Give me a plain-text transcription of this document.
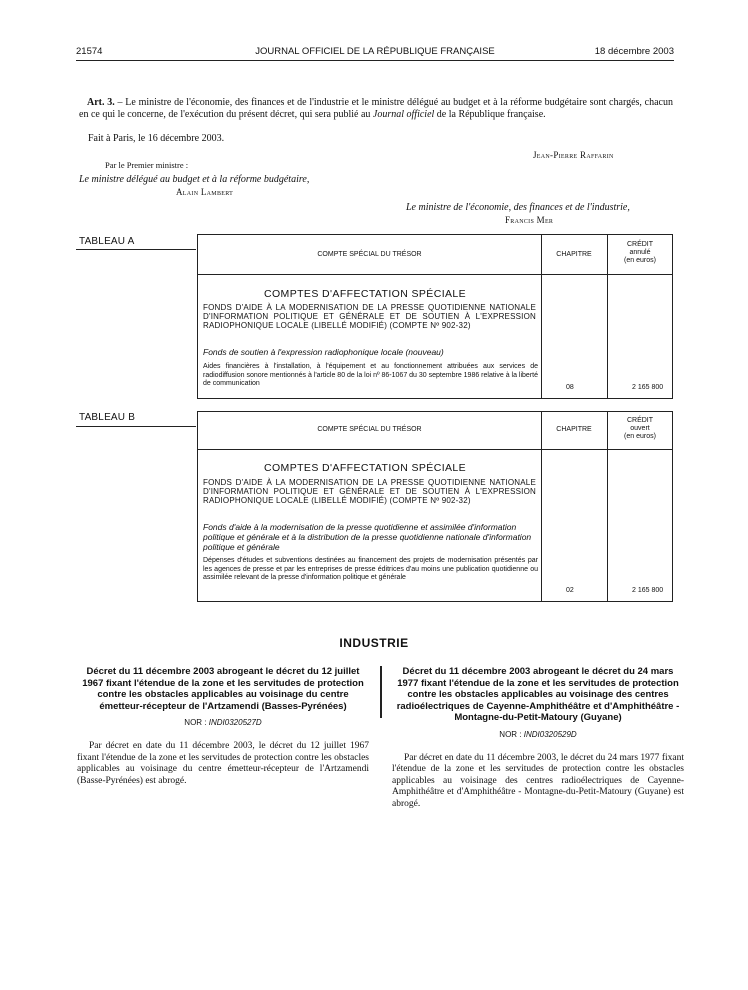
21574	JOURNAL OFFICIEL DE LA RÉPUBLIQUE FRANÇAISE	18 décembre 2003
Art. 3. – Le ministre de l'économie, des finances et de l'industrie et le ministre délégué au budget et à la réforme budgétaire sont chargés, chacun en ce qui le concerne, de l'exécution du présent décret, qui sera publié au Journal officiel de la République française.
Fait à Paris, le 16 décembre 2003.
Jean-Pierre Raffarin
Par le Premier ministre :
Le ministre délégué au budget et à la réforme budgétaire,
Alain Lambert
Le ministre de l'économie, des finances et de l'industrie,
Francis Mer
TABLEAU A
COMPTE SPÉCIAL DU TRÉSOR	CHAPITRE
CRÉDIT
annulé
(en euros)
COMPTES D'AFFECTATION SPÉCIALE
FONDS D'AIDE À LA MODERNISATION DE LA PRESSE QUOTIDIENNE NATIONALE D'INFORMATION POLITIQUE ET GÉNÉRALE ET DE SOUTIEN À L'EXPRESSION RADIOPHONIQUE LOCALE (LIBELLÉ MODIFIÉ) (COMPTE Nº 902-32)
Fonds de soutien à l'expression radiophonique locale (nouveau)
Aides financières à l'installation, à l'équipement et au fonctionnement attribuées aux services de radiodiffusion sonore mentionnés à l'article 80 de la loi nº 86-1067 du 30 septembre 1986 relative à la liberté de communication
08	2 165 800
TABLEAU B
COMPTE SPÉCIAL DU TRÉSOR	CHAPITRE
CRÉDIT
ouvert
(en euros)
COMPTES D'AFFECTATION SPÉCIALE
FONDS D'AIDE À LA MODERNISATION DE LA PRESSE QUOTIDIENNE NATIONALE D'INFORMATION POLITIQUE ET GÉNÉRALE ET DE SOUTIEN À L'EXPRESSION RADIOPHONIQUE LOCALE (LIBELLÉ MODIFIÉ) (COMPTE Nº 902-32)
Fonds d'aide à la modernisation de la presse quotidienne et assimilée d'information politique et générale et à la distribution de la presse quotidienne nationale d'information politique et générale
Dépenses d'études et subventions destinées au financement des projets de modernisation présentés par les agences de presse et par les entreprises de presse éditrices d'au moins une publication quotidienne ou assimilée relevant de la presse d'information politique et générale
02	2 165 800
INDUSTRIE
Décret du 11 décembre 2003 abrogeant le décret du 12 juillet 1967 fixant l'étendue de la zone et les servitudes de protection contre les obstacles applicables au voisinage du centre émetteur-récepteur de l'Artzamendi (Basses-Pyrénées)
NOR : INDI0320527D
Par décret en date du 11 décembre 2003, le décret du 12 juillet 1967 fixant l'étendue de la zone et les servitudes de protection contre les obstacles applicables au voisinage du centre émetteur-récepteur de l'Artzamendi (Basse-Pyrénées) est abrogé.
Décret du 11 décembre 2003 abrogeant le décret du 24 mars 1977 fixant l'étendue de la zone et les servitudes de protection contre les obstacles applicables au voisinage des centres radioélectriques de Cayenne-Amphithéâtre et d'Amphithéâtre - Montagne-du-Petit-Matoury (Guyane)
NOR : INDI0320529D
Par décret en date du 11 décembre 2003, le décret du 24 mars 1977 fixant l'étendue de la zone et les servitudes de protection contre les obstacles applicables au voisinage des centres radioélectriques de Cayenne-Amphithéâtre et d'Amphithéâtre - Montagne-du-Petit-Matoury (Guyane) est abrogé.
